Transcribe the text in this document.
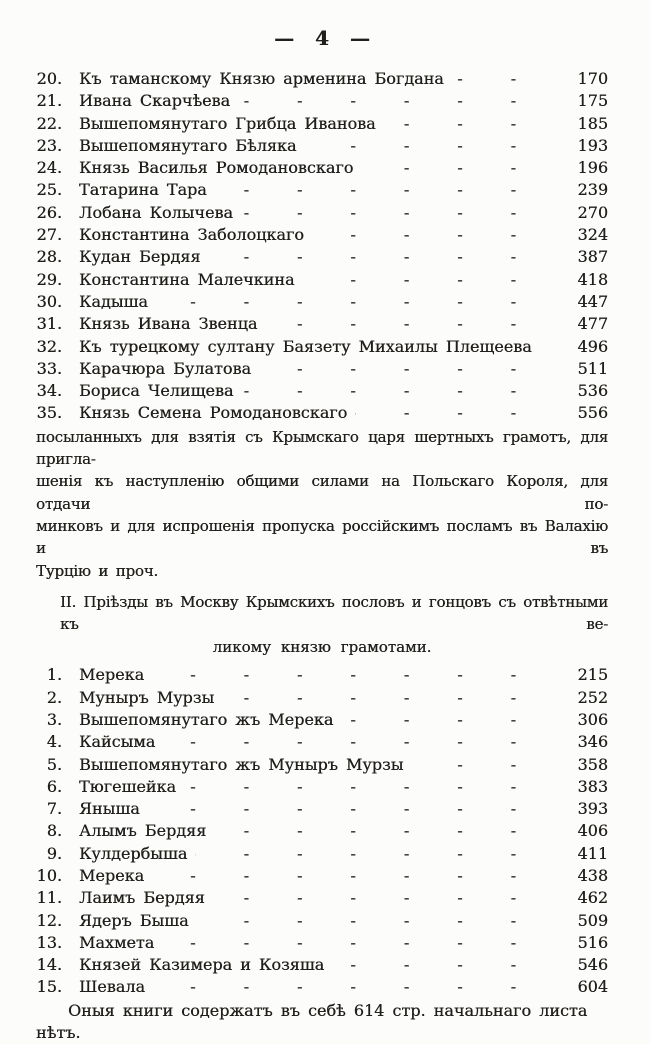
— 4 —
20.	Къ таманскому Князю арменина Богдана -----	170
21.	Ивана Скарчѣева -----	175
22.	Вышепомянутаго Грибца Иванова -----	185
23.	Вышепомянутаго Бѣляка -----	193
24.	Князь Василья Ромодановскаго -----	196
25.	Татарина Тара -----	239
26.	Лобана Колычева -----	270
27.	Константина Заболоцкаго -----	324
28.	Кудан Бердяя -----	387
29.	Константина Малечкина -----	418
30.	Кадыша -----	447
31.	Князь Ивана Звенца -----	477
32.	Къ турецкому султану Баязету Михаилы Плещеева -----	496
33.	Карачюра Булатова -----	511
34.	Бориса Челищева -----	536
35.	Князь Семена Ромодановскаго -----	556
посыланныхъ для взятія съ Крымскаго царя шертныхъ грамотъ, для пригла-
шенія къ наступленію общими силами на Польскаго Короля, для отдачи по-
минковъ и для испрошенія пропуска россійскимъ посламъ въ Валахію и въ
Турцію и проч.
II. Пріѣзды въ Москву Крымскихъ пословъ и гонцовъ съ отвѣтными къ ве-
ликому князю грамотами.
1.	Мерека -----	215
2.	Муныръ Мурзы -----	252
3.	Вышепомянутаго жъ Мерека -----	306
4.	Кайсыма -----	346
5.	Вышепомянутаго жъ Муныръ Мурзы -----	358
6.	Тюгешейка -----	383
7.	Яныша -----	393
8.	Алымъ Бердяя -----	406
9.	Кулдербыша -----	411
10.	Мерека -----	438
11.	Лаимъ Бердяя -----	462
12.	Ядеръ Быша -----	509
13.	Махмета -----	516
14.	Князей Казимера и Козяша -----	546
15.	Шевала -----	604
Оныя книги содержатъ въ себѣ 614 стр. начальнаго листа нѣтъ.
